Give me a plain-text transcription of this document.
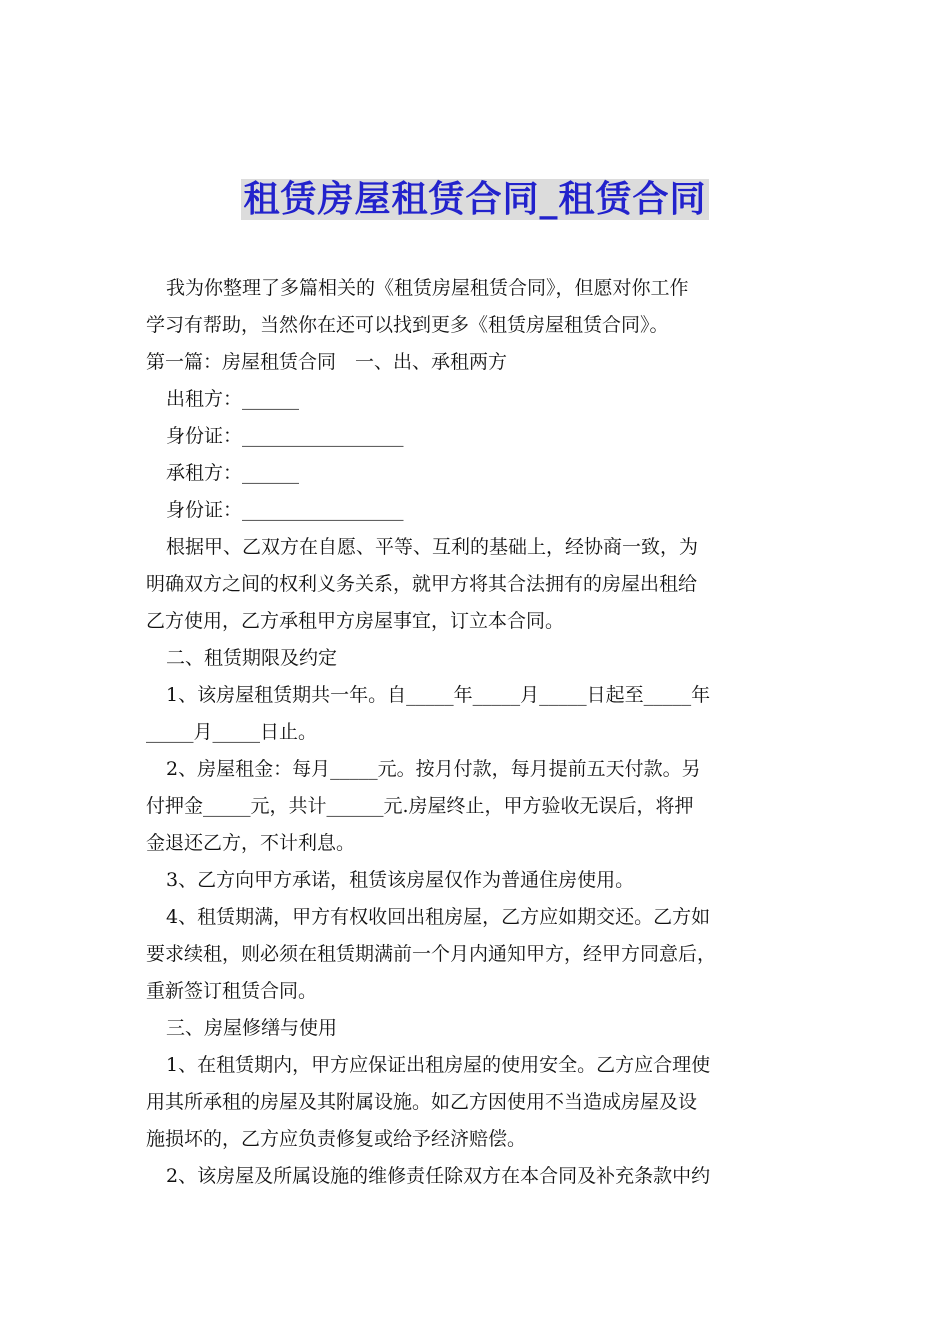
租赁房屋租赁合同_租赁合同
我为你整理了多篇相关的《租赁房屋租赁合同》，但愿对你工作
学习有帮助，当然你在还可以找到更多《租赁房屋租赁合同》。
第一篇：房屋租赁合同　一、出、承租两方
出租方：______
身份证：_________________
承租方：______
身份证：_________________
根据甲、乙双方在自愿、平等、互利的基础上，经协商一致，为
明确双方之间的权利义务关系，就甲方将其合法拥有的房屋出租给
乙方使用，乙方承租甲方房屋事宜，订立本合同。
二、租赁期限及约定
1、该房屋租赁期共一年。自_____年_____月_____日起至_____年
_____月_____日止。
2、房屋租金：每月_____元。按月付款，每月提前五天付款。另
付押金_____元，共计______元.房屋终止，甲方验收无误后，将押
金退还乙方，不计利息。
3、乙方向甲方承诺，租赁该房屋仅作为普通住房使用。
4、租赁期满，甲方有权收回出租房屋，乙方应如期交还。乙方如
要求续租，则必须在租赁期满前一个月内通知甲方，经甲方同意后，
重新签订租赁合同。
三、房屋修缮与使用
1、在租赁期内，甲方应保证出租房屋的使用安全。乙方应合理使
用其所承租的房屋及其附属设施。如乙方因使用不当造成房屋及设
施损坏的，乙方应负责修复或给予经济赔偿。
2、该房屋及所属设施的维修责任除双方在本合同及补充条款中约
